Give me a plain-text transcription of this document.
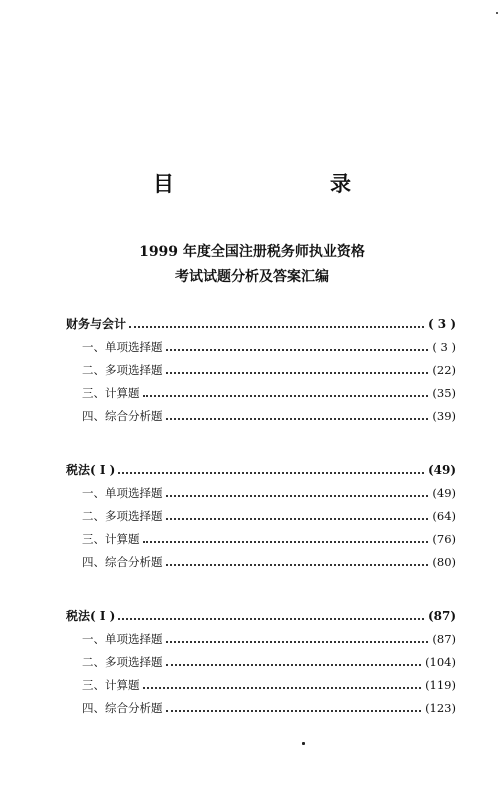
目　　录
1999 年度全国注册税务师执业资格
考试试题分析及答案汇编
财务与会计	( 3 )
一、单项选择题	( 3 )
二、多项选择题	(22)
三、计算题	(35)
四、综合分析题	(39)
税法( I )	(49)
一、单项选择题	(49)
二、多项选择题	(64)
三、计算题	(76)
四、综合分析题	(80)
税法( I )	(87)
一、单项选择题	(87)
二、多项选择题	(104)
三、计算题	(119)
四、综合分析题	(123)
